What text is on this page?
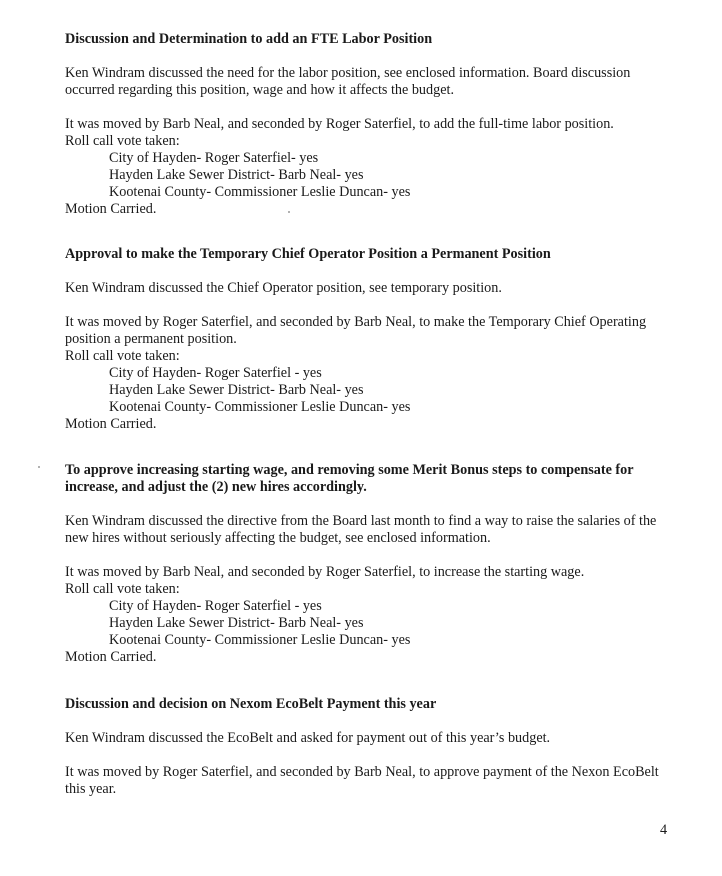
Discussion and Determination to add an FTE Labor Position

Ken Windram discussed the need for the labor position, see enclosed information. Board discussion occurred regarding this position, wage and how it affects the budget.

It was moved by Barb Neal, and seconded by Roger Saterfiel, to add the full-time labor position.

Roll call vote taken:

City of Hayden- Roger Saterfiel- yes

Hayden Lake Sewer District- Barb Neal- yes

Kootenai County- Commissioner Leslie Duncan- yes

Motion Carried.

Approval to make the Temporary Chief Operator Position a Permanent Position

Ken Windram discussed the Chief Operator position, see temporary position.

It was moved by Roger Saterfiel, and seconded by Barb Neal, to make the Temporary Chief Operating position a permanent position.

Roll call vote taken:

City of Hayden- Roger Saterfiel - yes

Hayden Lake Sewer District- Barb Neal- yes

Kootenai County- Commissioner Leslie Duncan- yes

Motion Carried.

To approve increasing starting wage, and removing some Merit Bonus steps to compensate for increase, and adjust the (2) new hires accordingly.

Ken Windram discussed the directive from the Board last month to find a way to raise the salaries of the new hires without seriously affecting the budget, see enclosed information.

It was moved by Barb Neal, and seconded by Roger Saterfiel, to increase the starting wage.

Roll call vote taken:

City of Hayden- Roger Saterfiel - yes

Hayden Lake Sewer District- Barb Neal- yes

Kootenai County- Commissioner Leslie Duncan- yes

Motion Carried.

Discussion and decision on Nexom EcoBelt Payment this year

Ken Windram discussed the EcoBelt and asked for payment out of this year’s budget.

It was moved by Roger Saterfiel, and seconded by Barb Neal, to approve payment of the Nexon EcoBelt this year.

4
